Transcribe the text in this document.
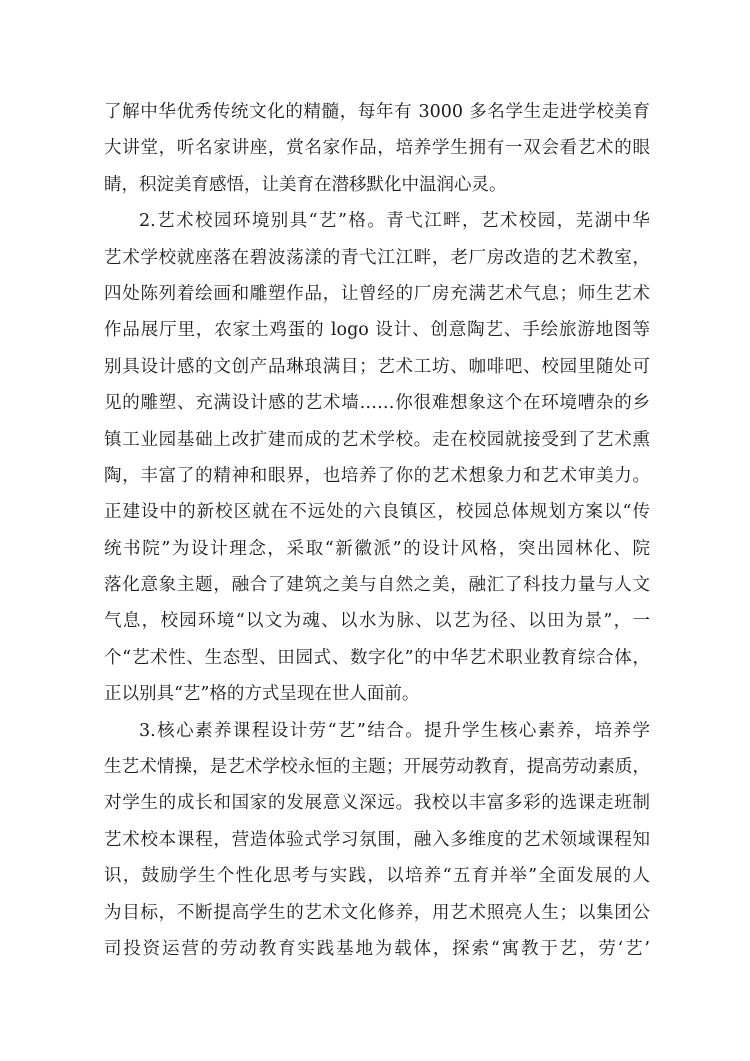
了解中华优秀传统文化的精髓，每年有 3000 多名学生走进学校美育
大讲堂，听名家讲座，赏名家作品，培养学生拥有一双会看艺术的眼
睛，积淀美育感悟，让美育在潜移默化中温润心灵。
2.艺术校园环境别具“艺”格。青弋江畔，艺术校园，芜湖中华
艺术学校就座落在碧波荡漾的青弋江江畔，老厂房改造的艺术教室，
四处陈列着绘画和雕塑作品，让曾经的厂房充满艺术气息；师生艺术
作品展厅里，农家土鸡蛋的 logo 设计、创意陶艺、手绘旅游地图等
别具设计感的文创产品琳琅满目；艺术工坊、咖啡吧、校园里随处可
见的雕塑、充满设计感的艺术墙……你很难想象这个在环境嘈杂的乡
镇工业园基础上改扩建而成的艺术学校。走在校园就接受到了艺术熏
陶，丰富了的精神和眼界，也培养了你的艺术想象力和艺术审美力。
正建设中的新校区就在不远处的六良镇区，校园总体规划方案以“传
统书院”为设计理念，采取“新徽派”的设计风格，突出园林化、院
落化意象主题，融合了建筑之美与自然之美，融汇了科技力量与人文
气息，校园环境“以文为魂、以水为脉、以艺为径、以田为景”，一
个“艺术性、生态型、田园式、数字化”的中华艺术职业教育综合体，
正以别具“艺”格的方式呈现在世人面前。
3.核心素养课程设计劳“艺”结合。提升学生核心素养，培养学
生艺术情操，是艺术学校永恒的主题；开展劳动教育，提高劳动素质，
对学生的成长和国家的发展意义深远。我校以丰富多彩的选课走班制
艺术校本课程，营造体验式学习氛围，融入多维度的艺术领域课程知
识，鼓励学生个性化思考与实践，以培养“五育并举”全面发展的人
为目标，不断提高学生的艺术文化修养，用艺术照亮人生；以集团公
司投资运营的劳动教育实践基地为载体，探索“寓教于艺，劳‘艺’
